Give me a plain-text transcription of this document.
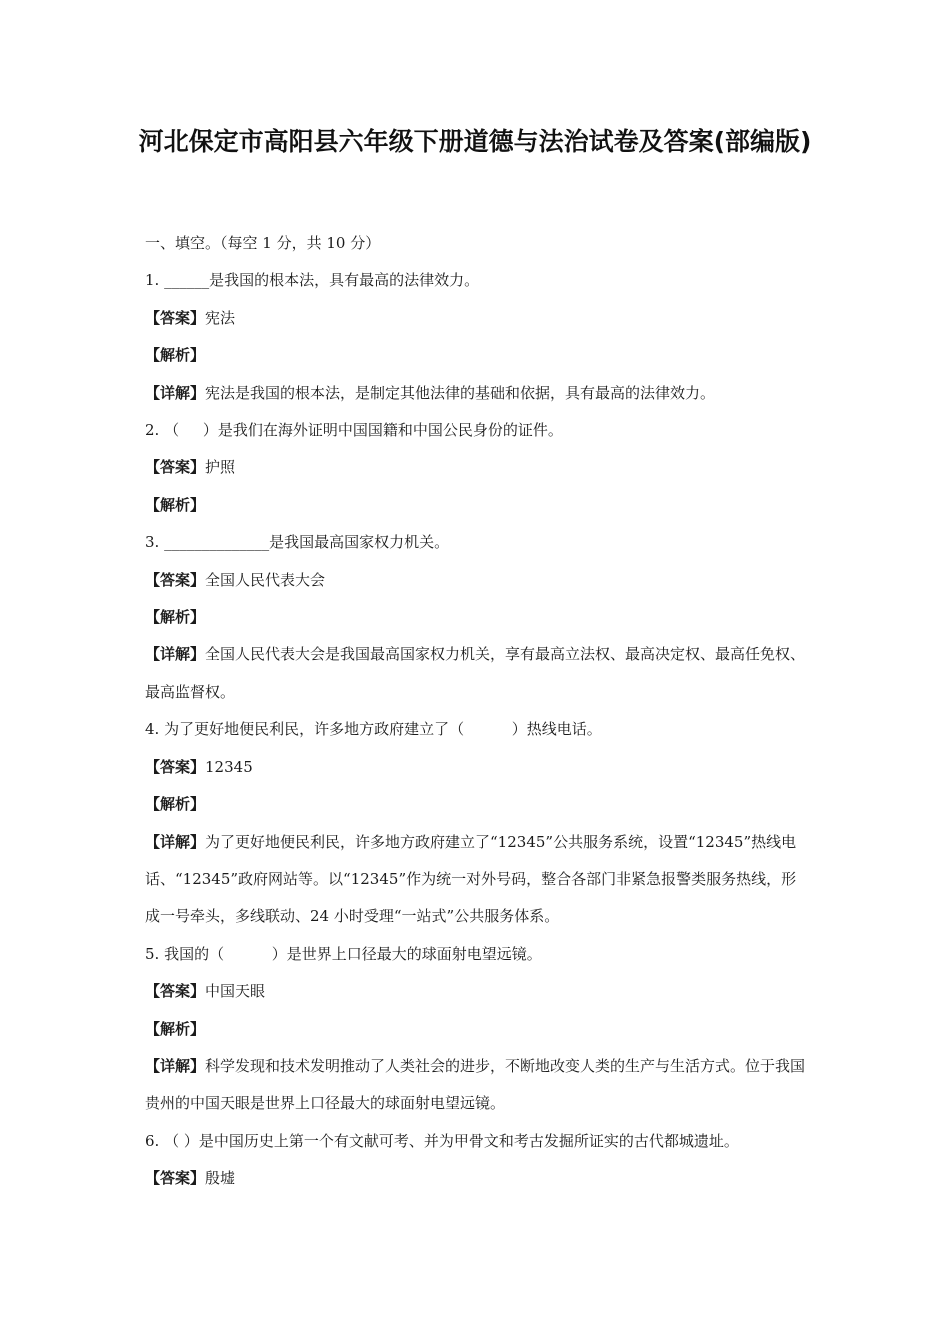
河北保定市高阳县六年级下册道德与法治试卷及答案(部编版)

一、填空。（每空 1 分，共 10 分）

1. ______是我国的根本法，具有最高的法律效力。

【答案】宪法

【解析】

【详解】宪法是我国的根本法，是制定其他法律的基础和依据，具有最高的法律效力。

2. （     ）是我们在海外证明中国国籍和中国公民身份的证件。

【答案】护照

【解析】

3. ______________是我国最高国家权力机关。

【答案】全国人民代表大会

【解析】

【详解】全国人民代表大会是我国最高国家权力机关，享有最高立法权、最高决定权、最高任免权、最高监督权。

4. 为了更好地便民利民，许多地方政府建立了（          ）热线电话。

【答案】12345

【解析】

【详解】为了更好地便民利民，许多地方政府建立了“12345”公共服务系统，设置“12345”热线电话、“12345”政府网站等。以“12345”作为统一对外号码，整合各部门非紧急报警类服务热线，形成一号牵头，多线联动、24 小时受理“一站式”公共服务体系。

5. 我国的（          ）是世界上口径最大的球面射电望远镜。

【答案】中国天眼

【解析】

【详解】科学发现和技术发明推动了人类社会的进步，不断地改变人类的生产与生活方式。位于我国贵州的中国天眼是世界上口径最大的球面射电望远镜。

6. （ ）是中国历史上第一个有文献可考、并为甲骨文和考古发掘所证实的古代都城遗址。

【答案】殷墟
